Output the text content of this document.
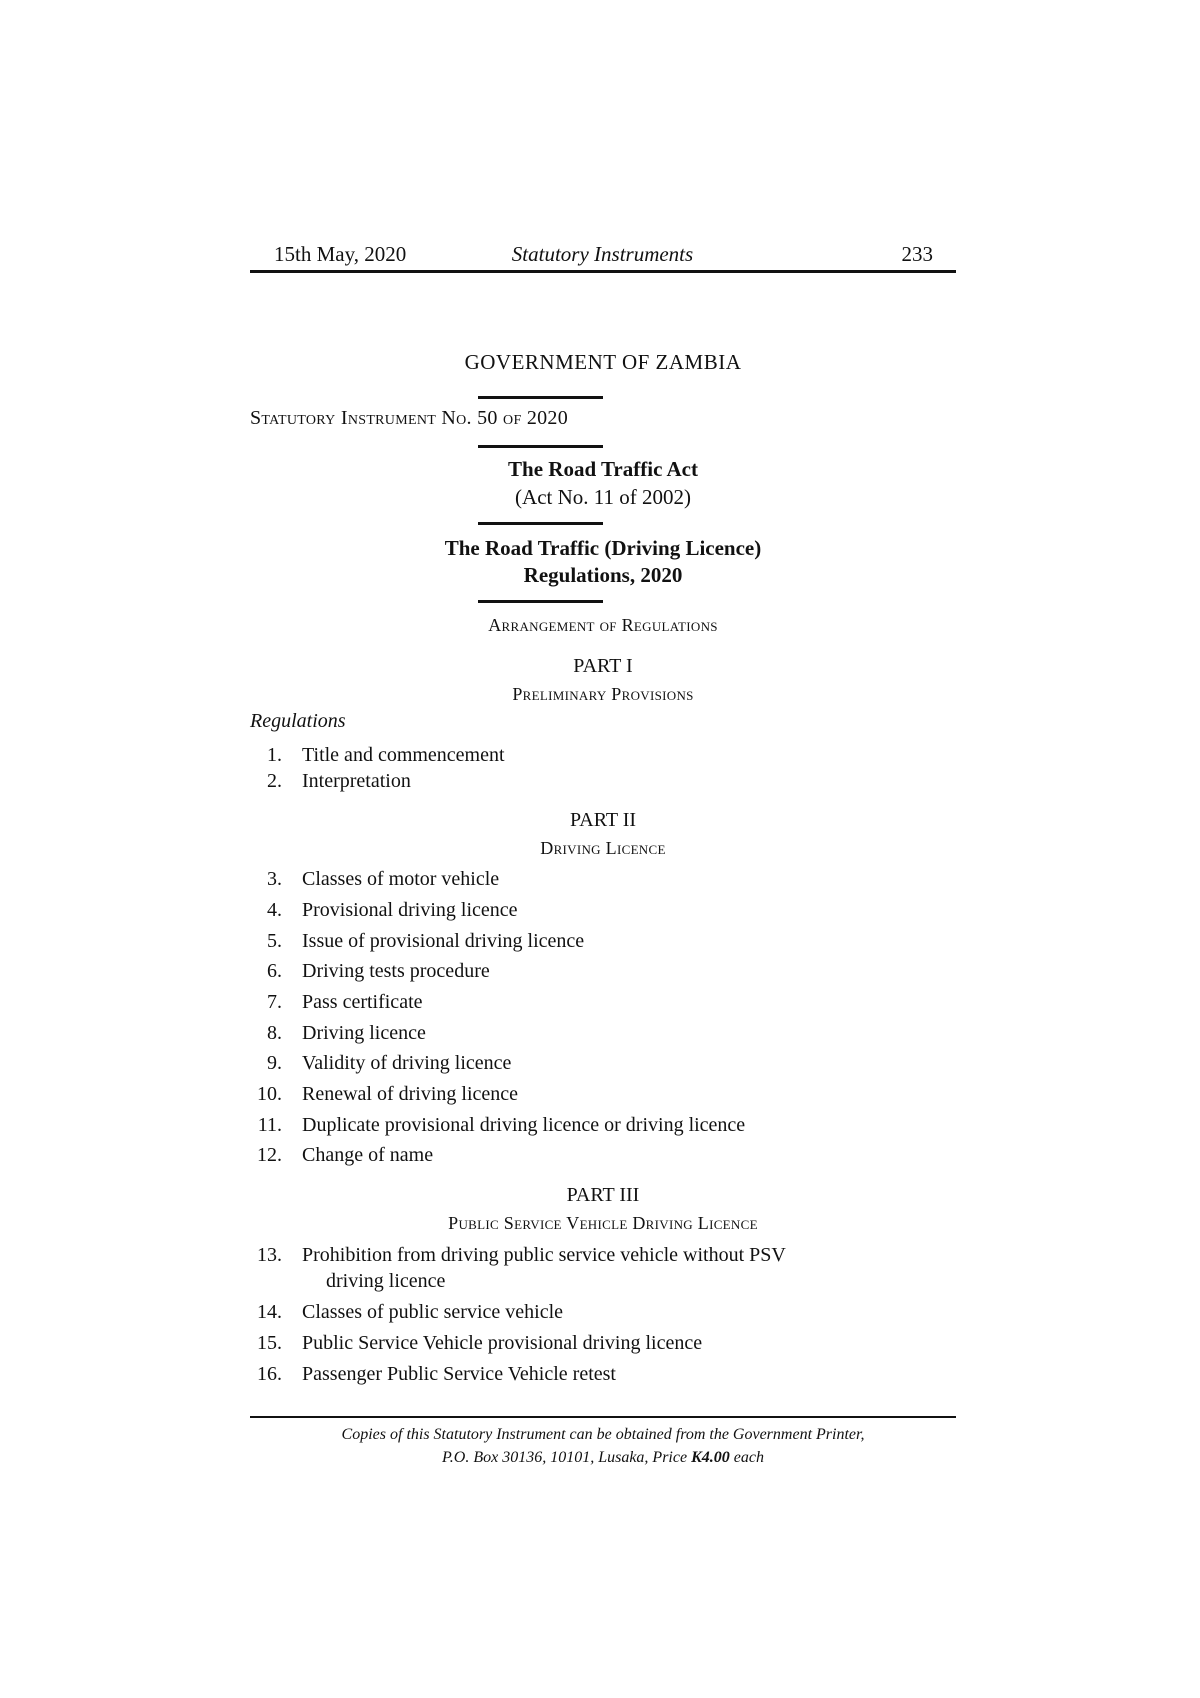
15th May, 2020	Statutory Instruments	233
GOVERNMENT OF ZAMBIA
Statutory Instrument No. 50 of 2020
The Road Traffic Act
(Act No. 11 of 2002)
The Road Traffic (Driving Licence)
Regulations, 2020
Arrangement of Regulations
PART I
Preliminary Provisions
Regulations
1. Title and commencement
2. Interpretation
PART II
Driving Licence
3. Classes of motor vehicle
4. Provisional driving licence
5. Issue of provisional driving licence
6. Driving tests procedure
7. Pass certificate
8. Driving licence
9. Validity of driving licence
10. Renewal of driving licence
11. Duplicate provisional driving licence or driving licence
12. Change of name
PART III
Public Service Vehicle Driving Licence
13. Prohibition from driving public service vehicle without PSV
driving licence
14. Classes of public service vehicle
15. Public Service Vehicle provisional driving licence
16. Passenger Public Service Vehicle retest
Copies of this Statutory Instrument can be obtained from the Government Printer,
P.O. Box 30136, 10101, Lusaka, Price K4.00 each
